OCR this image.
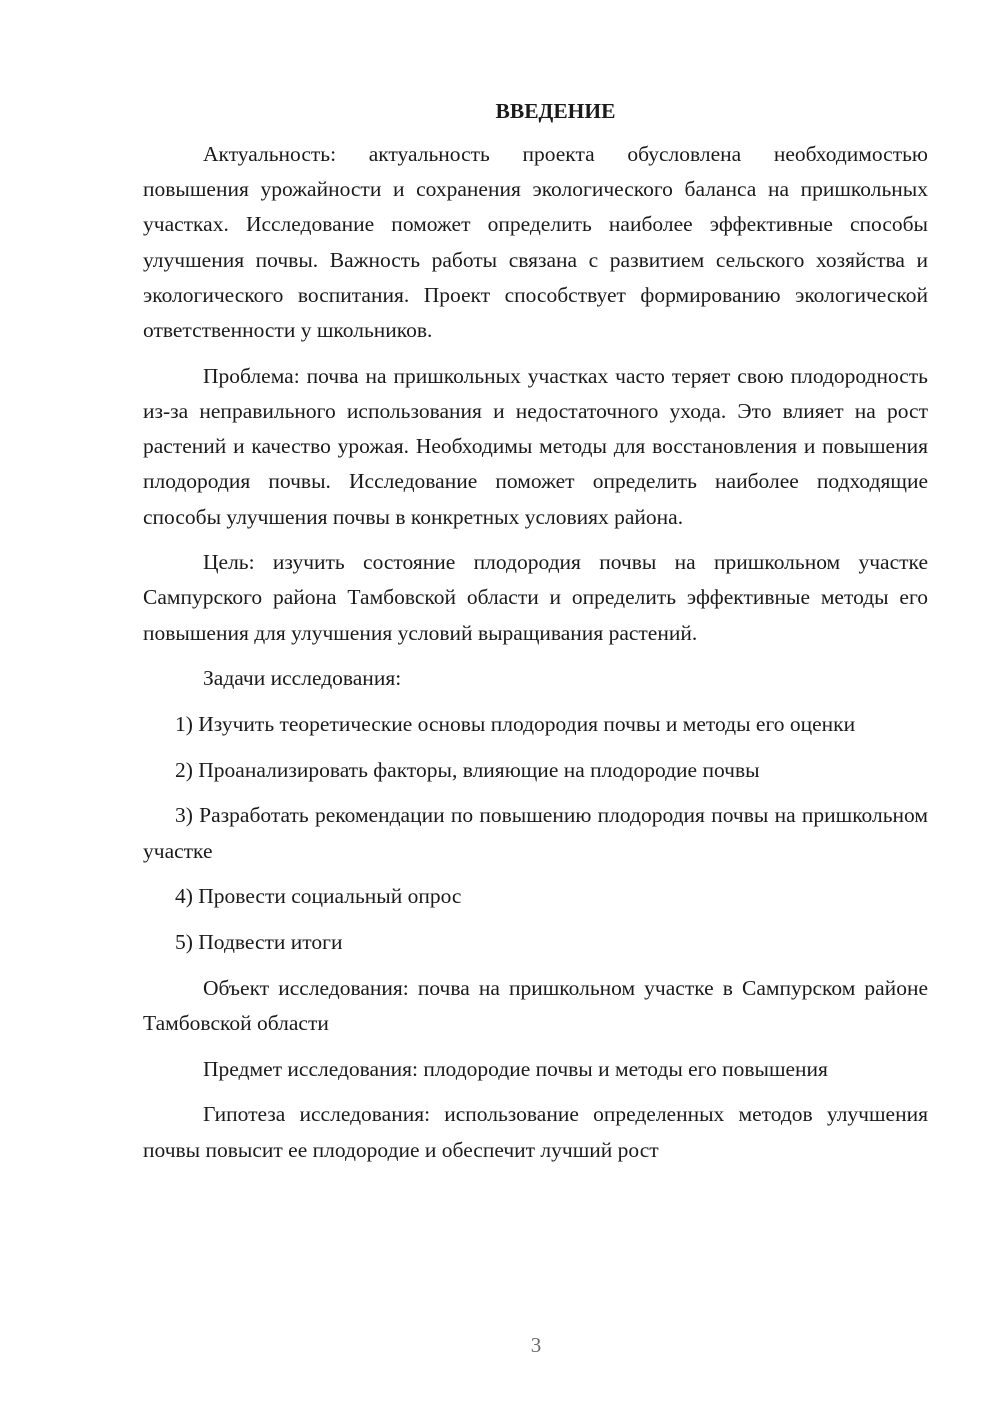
ВВЕДЕНИЕ

Актуальность: актуальность проекта обусловлена необходимостью повышения урожайности и сохранения экологического баланса на пришкольных участках. Исследование поможет определить наиболее эффективные способы улучшения почвы. Важность работы связана с развитием сельского хозяйства и экологического воспитания. Проект способствует формированию экологической ответственности у школьников.

Проблема: почва на пришкольных участках часто теряет свою плодородность из-за неправильного использования и недостаточного ухода. Это влияет на рост растений и качество урожая. Необходимы методы для восстановления и повышения плодородия почвы. Исследование поможет определить наиболее подходящие способы улучшения почвы в конкретных условиях района.

Цель: изучить состояние плодородия почвы на пришкольном участке Сампурского района Тамбовской области и определить эффективные методы его повышения для улучшения условий выращивания растений.

Задачи исследования:

1) Изучить теоретические основы плодородия почвы и методы его оценки

2) Проанализировать факторы, влияющие на плодородие почвы

3) Разработать рекомендации по повышению плодородия почвы на пришкольном участке

4) Провести социальный опрос

5) Подвести итоги

Объект исследования: почва на пришкольном участке в Сампурском районе Тамбовской области

Предмет исследования: плодородие почвы и методы его повышения

Гипотеза исследования: использование определенных методов улучшения почвы повысит ее плодородие и обеспечит лучший рост

3
